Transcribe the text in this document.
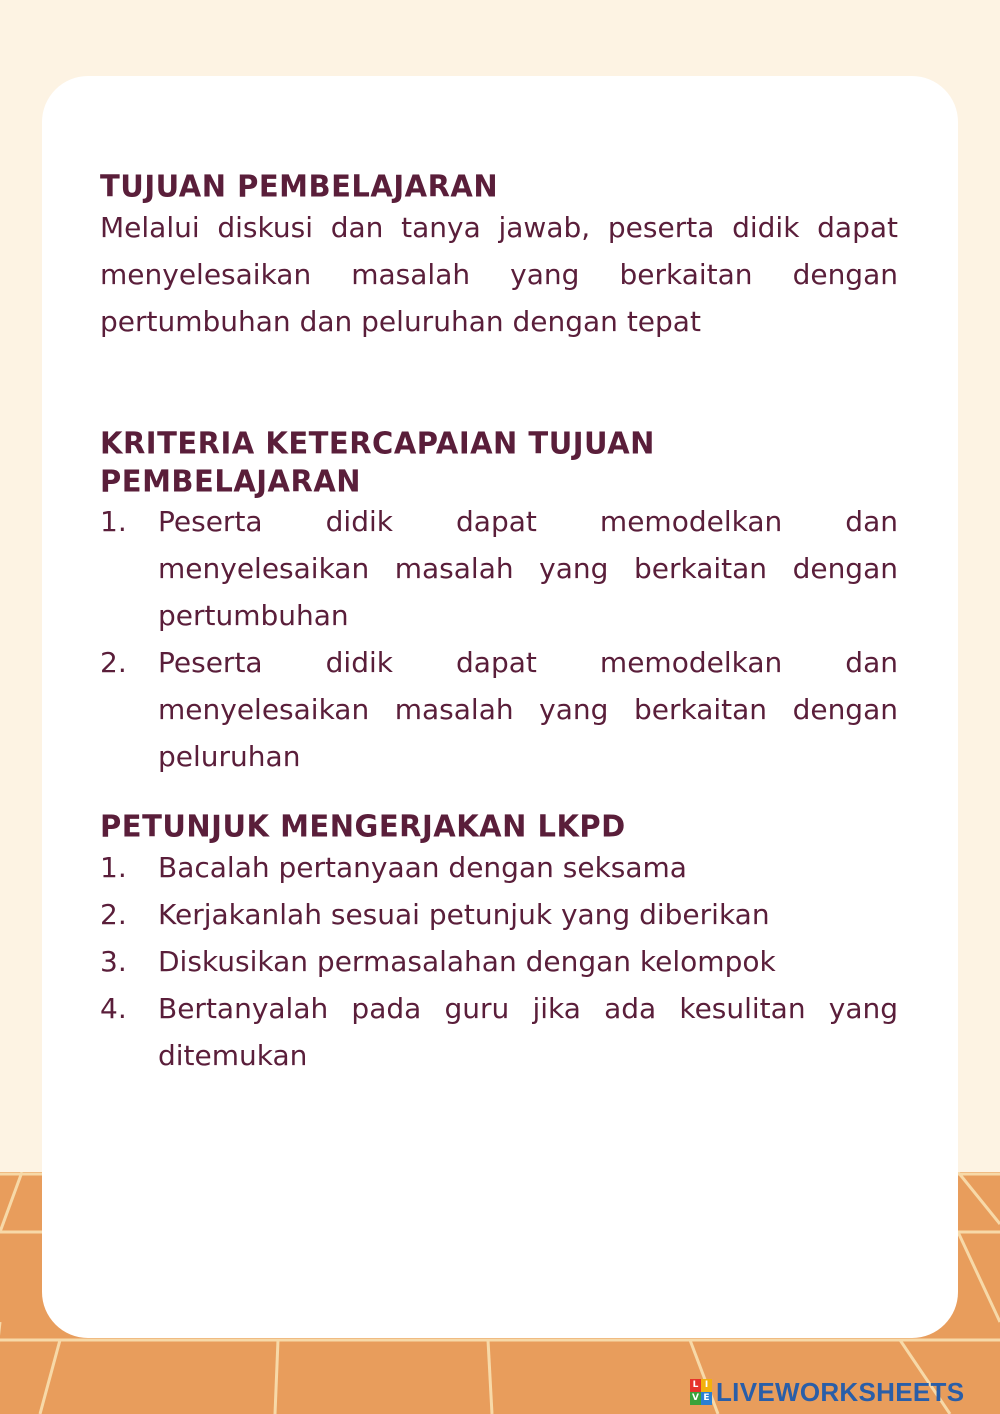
TUJUAN PEMBELAJARAN

Melalui diskusi dan tanya jawab, peserta didik dapat menyelesaikan masalah yang berkaitan dengan pertumbuhan dan peluruhan dengan tepat

KRITERIA KETERCAPAIAN TUJUAN PEMBELAJARAN
1.	Peserta didik dapat memodelkan dan menyelesaikan masalah yang berkaitan dengan pertumbuhan
2.	Peserta didik dapat memodelkan dan menyelesaikan masalah yang berkaitan dengan peluruhan
PETUNJUK MENGERJAKAN LKPD
1.	Bacalah pertanyaan dengan seksama
2.	Kerjakanlah sesuai petunjuk yang diberikan
3.	Diskusikan permasalahan dengan kelompok
4.	Bertanyalah pada guru jika ada kesulitan yang ditemukan
L I
V E LIVEWORKSHEETS
